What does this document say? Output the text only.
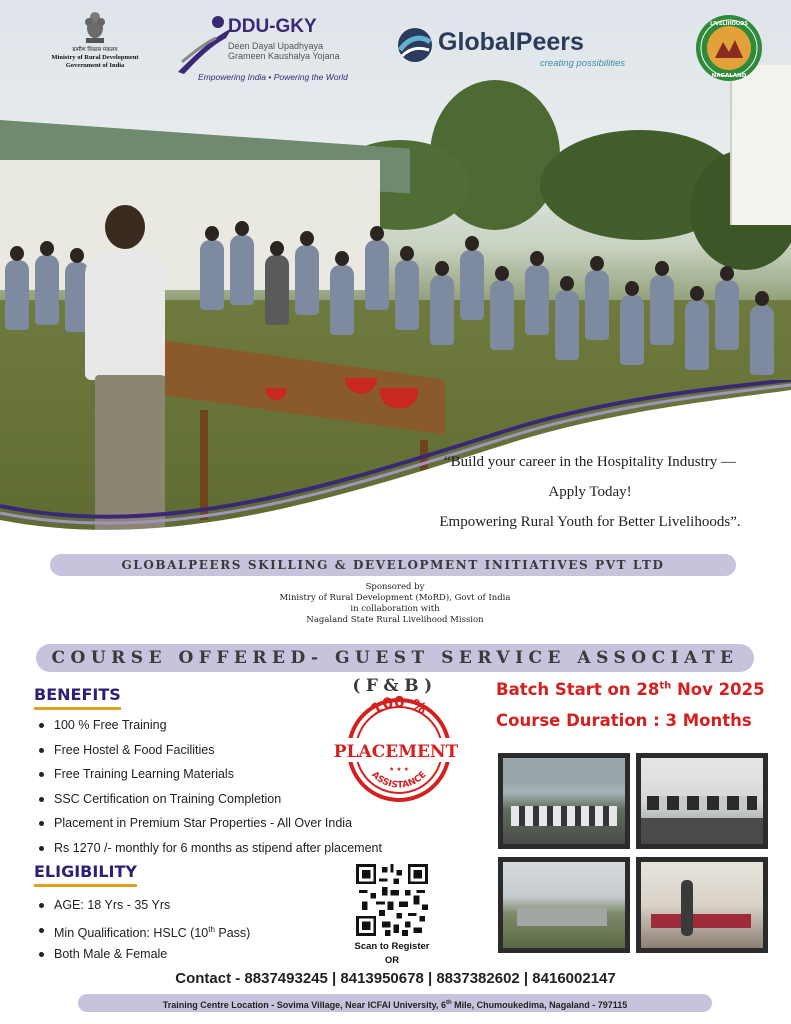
ग्रामीण विकास मंत्रालय
Ministry of Rural Development
Government of India
DDU-GKY
Deen Dayal Upadhyaya
Grameen Kaushalya Yojana
Empowering India • Powering the World
GlobalPeers
creating possibilities
LIVELIHOODS
NAGALAND
“Build your career in the Hospitality Industry —
Apply Today!
Empowering Rural Youth for Better Livelihoods”.
GLOBALPEERS SKILLING & DEVELOPMENT INITIATIVES PVT LTD
Sponsored by
Ministry of Rural Development (MoRD), Govt of India
in collaboration with
Nagaland State Rural Livelihood Mission
COURSE OFFERED- GUEST SERVICE ASSOCIATE (F&B)
BENEFITS
100 % Free Training
Free Hostel & Food Facilities
Free Training Learning Materials
SSC Certification on Training Completion
Placement in Premium Star Properties - All Over India
Rs 1270 /- monthly for 6 months as stipend after placement
100 %
PLACEMENT
ASSISTANCE
★ ★ ★
Batch Start on 28th Nov 2025
Course Duration : 3 Months
ELIGIBILITY
AGE: 18 Yrs - 35 Yrs
Min Qualification: HSLC (10th Pass)
Both Male & Female
Scan to Register
OR
Contact - 8837493245 | 8413950678 | 8837382602 | 8416002147
Training Centre Location - Sovima Village, Near ICFAI University, 6th Mile, Chumoukedima, Nagaland - 797115
